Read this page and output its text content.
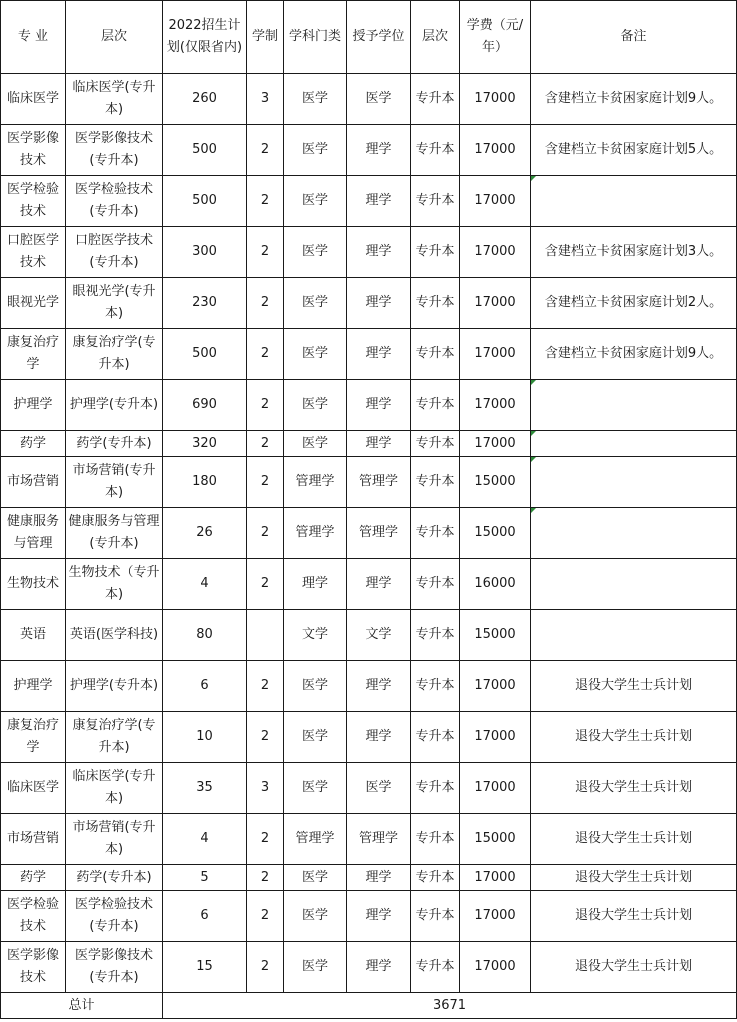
专 业	层次	2022招生计划(仅限省内)	学制	学科门类	授予学位	层次	学费（元/年）	备注
临床医学	临床医学(专升本)	260	3	医学	医学	专升本	17000	含建档立卡贫困家庭计划9人。
医学影像技术	医学影像技术(专升本)	500	2	医学	理学	专升本	17000	含建档立卡贫困家庭计划5人。
医学检验技术	医学检验技术(专升本)	500	2	医学	理学	专升本	17000	
口腔医学技术	口腔医学技术(专升本)	300	2	医学	理学	专升本	17000	含建档立卡贫困家庭计划3人。
眼视光学	眼视光学(专升本)	230	2	医学	理学	专升本	17000	含建档立卡贫困家庭计划2人。
康复治疗学	康复治疗学(专升本)	500	2	医学	理学	专升本	17000	含建档立卡贫困家庭计划9人。
护理学	护理学(专升本)	690	2	医学	理学	专升本	17000	
药学	药学(专升本)	320	2	医学	理学	专升本	17000	
市场营销	市场营销(专升本)	180	2	管理学	管理学	专升本	15000	
健康服务与管理	健康服务与管理(专升本)	26	2	管理学	管理学	专升本	15000	
生物技术	生物技术（专升本)	4	2	理学	理学	专升本	16000	
英语	英语(医学科技)	80		文学	文学	专升本	15000	
护理学	护理学(专升本)	6	2	医学	理学	专升本	17000	退役大学生士兵计划
康复治疗学	康复治疗学(专升本)	10	2	医学	理学	专升本	17000	退役大学生士兵计划
临床医学	临床医学(专升本)	35	3	医学	医学	专升本	17000	退役大学生士兵计划
市场营销	市场营销(专升本)	4	2	管理学	管理学	专升本	15000	退役大学生士兵计划
药学	药学(专升本)	5	2	医学	理学	专升本	17000	退役大学生士兵计划
医学检验技术	医学检验技术(专升本)	6	2	医学	理学	专升本	17000	退役大学生士兵计划
医学影像技术	医学影像技术(专升本)	15	2	医学	理学	专升本	17000	退役大学生士兵计划
总计		3671						
